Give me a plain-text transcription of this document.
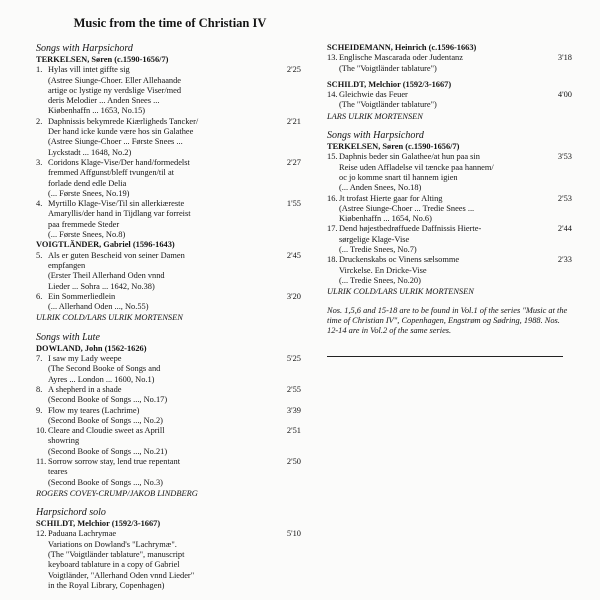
Music from the time of Christian IV
Songs with Harpsichord
TERKELSEN, Søren (c.1590-1656/7)
1. Hylas vill intet giffte sig
(Astree Siunge-Choer. Eller Allehaande
artige oc lystige ny verdslige Viser/med
deris Melodier ... Anden Snees ...
Kiøbenhaffn ... 1653, No.15)
2'25
2. Daphnissis bekymrede Kiærligheds Tancker/
Der hand icke kunde være hos sin Galathee
(Astree Siunge-Choer ... Første Snees ...
Lyckstadt ... 1648, No.2)
2'21
3. Coridons Klage-Vise/Der hand/formedelst
fremmed Affgunst/bleff tvungen/til at
forlade dend edle Delia
(... Første Snees, No.19)
2'27
4. Myrtillo Klage-Vise/Til sin allerkiæreste
Amaryllis/der hand in Tijdlang var forreist
paa fremmede Steder
(... Første Snees, No.8)
1'55
VOIGTLÄNDER, Gabriel (1596-1643)
5. Als er guten Bescheid von seiner Damen
empfangen
(Erster Theil Allerhand Oden vnnd
Lieder ... Sohra ... 1642, No.38)
2'45
6. Ein Sommerliedlein
(... Allerhand Oden ..., No.55)
3'20
ULRIK COLD/LARS ULRIK MORTENSEN
Songs with Lute
DOWLAND, John (1562-1626)
7. I saw my Lady weepe
(The Second Booke of Songs and
Ayres ... London ... 1600, No.1)
5'25
8. A shepherd in a shade
(Second Booke of Songs ..., No.17)
2'55
9. Flow my teares (Lachrime)
(Second Booke of Songs ..., No.2)
3'39
10. Cleare and Cloudie sweet as Aprill
showring
(Second Booke of Songs ..., No.21)
2'51
11. Sorrow sorrow stay, lend true repentant
teares
(Second Booke of Songs ..., No.3)
2'50
ROGERS COVEY-CRUMP/JAKOB LINDBERG
Harpsichord solo
SCHILDT, Melchior (1592/3-1667)
12. Paduana Lachrymae
Variations on Dowland's "Lachrymæ".
(The "Voigtländer tablature", manuscript
keyboard tablature in a copy of Gabriel
Voigtländer, "Allerhand Oden vnnd Lieder"
in the Royal Library, Copenhagen)
5'10
SCHEIDEMANN, Heinrich (c.1596-1663)
13. Englische Mascarada oder Judentanz
(The "Voigtländer tablature")
3'18
SCHILDT, Melchior (1592/3-1667)
14. Gleichwie das Feuer
(The "Voigtländer tablature")
4'00
LARS ULRIK MORTENSEN
Songs with Harpsichord
TERKELSEN, Søren (c.1590-1656/7)
15. Daphnis beder sin Galathee/at hun paa sin
Reise uden Affladelse vil tæncke paa hannem/
oc jo komme snart til hannem igien
(... Anden Snees, No.18)
3'53
16. Jt trofast Hierte gaar for Alting
(Astree Siunge-Choer ... Tredie Snees ...
Kiøbenhaffn ... 1654, No.6)
2'53
17. Dend højestbedrøffuede Daffnissis Hierte-
sørgelige Klage-Vise
(... Tredie Snees, No.7)
2'44
18. Druckenskabs oc Vinens sælsomme
Virckelse. En Dricke-Vise
(... Tredie Snees, No.20)
2'33
ULRIK COLD/LARS ULRIK MORTENSEN
Nos. 1,5,6 and 15-18 are to be found in Vol.1 of the series "Music at the time of Christian IV", Copenhagen, Engstrøm og Sødring, 1988. Nos. 12-14 are in Vol.2 of the same series.
